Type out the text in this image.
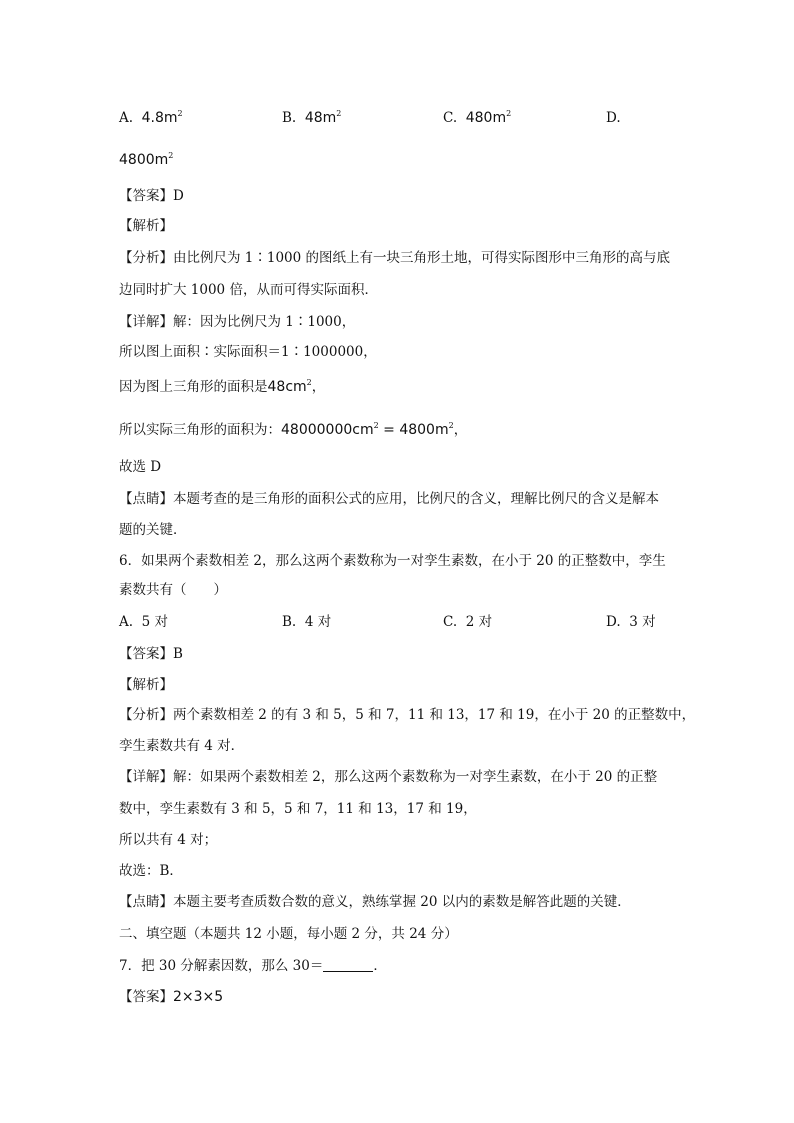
A. $4.8m^2$	B. $48m^2$	C. $480m^2$	D.
$4800m^2$
【答案】D
【解析】
【分析】由比例尺为 1∶1000 的图纸上有一块三角形土地，可得实际图形中三角形的高与底
边同时扩大 1000 倍，从而可得实际面积．
【详解】解：因为比例尺为 1∶1000，
所以图上面积∶实际面积＝1∶1000000，
因为图上三角形的面积是$48cm^2$，
所以实际三角形的面积为：$48000000cm^2 = 4800m^2$，
故选 D
【点睛】本题考查的是三角形的面积公式的应用，比例尺的含义，理解比例尺的含义是解本
题的关键．
6．如果两个素数相差 2，那么这两个素数称为一对孪生素数，在小于 20 的正整数中，孪生
素数共有（　　）
A. 5 对	B. 4 对	C. 2 对	D. 3 对
【答案】B
【解析】
【分析】两个素数相差 2 的有 3 和 5，5 和 7，11 和 13，17 和 19，在小于 20 的正整数中，
孪生素数共有 4 对．
【详解】解：如果两个素数相差 2，那么这两个素数称为一对孪生素数，在小于 20 的正整
数中，孪生素数有 3 和 5，5 和 7，11 和 13，17 和 19，
所以共有 4 对；
故选：B．
【点睛】本题主要考查质数合数的意义，熟练掌握 20 以内的素数是解答此题的关键．
二、填空题（本题共 12 小题，每小题 2 分，共 24 分）
7．把 30 分解素因数，那么 30＝	．
【答案】2×3×5
